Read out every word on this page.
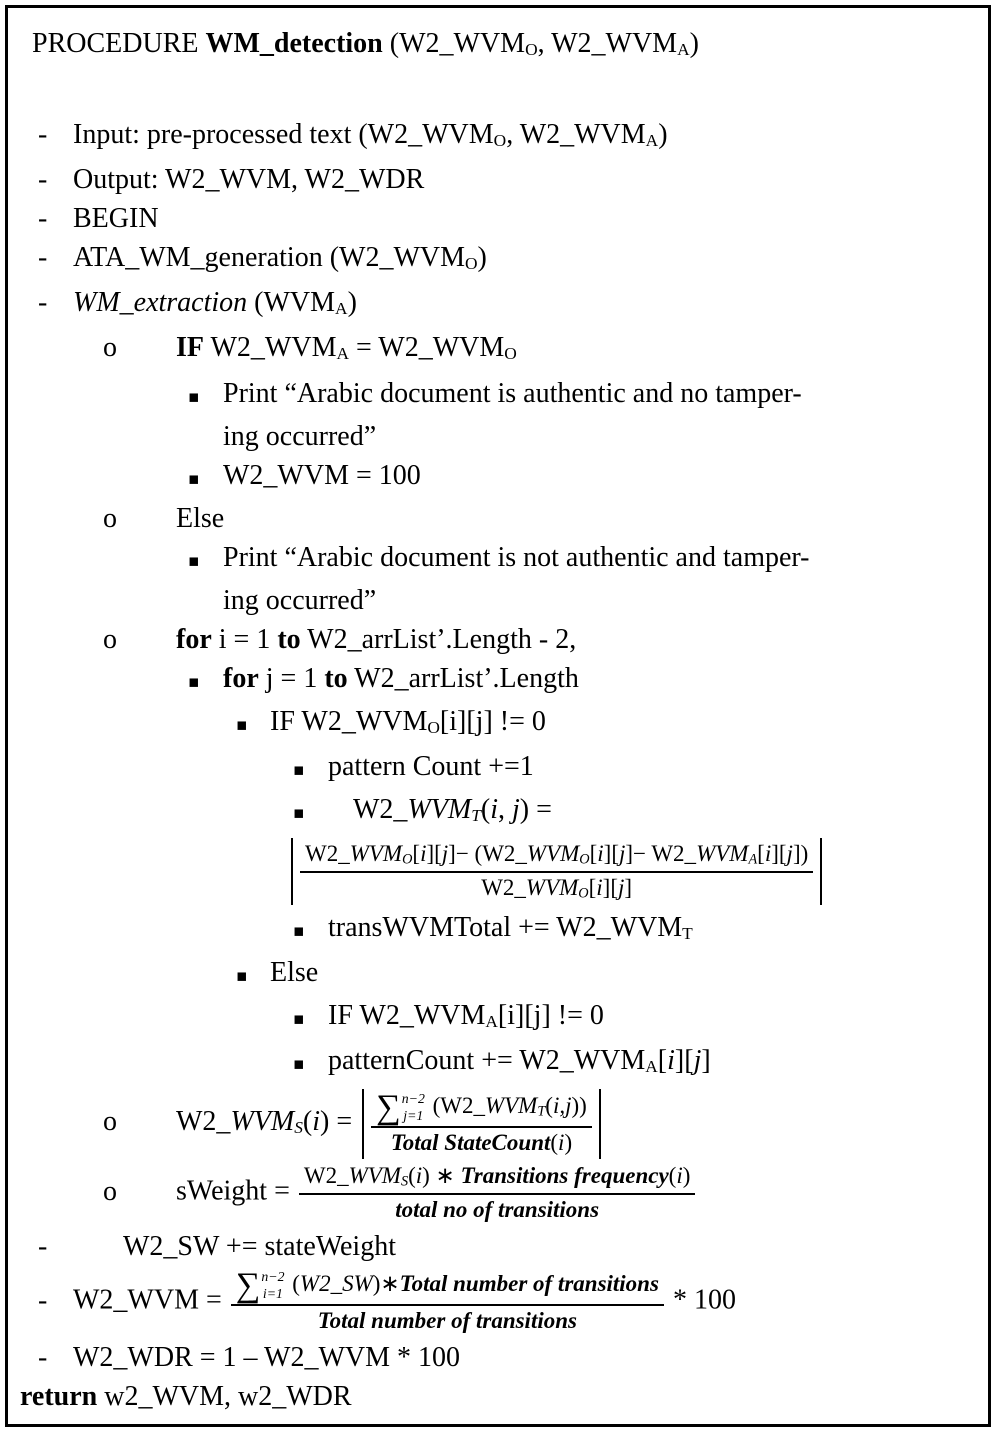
PROCEDURE WM_detection (W2_WVMO, W2_WVMA)
- Input: pre-processed text (W2_WVMO, W2_WVMA)
- Output: W2_WVM, W2_WDR
- BEGIN
- ATA_WM_generation (W2_WVMO)
- WM_extraction (WVMA)
o	IF W2_WVMA = W2_WVMO
▪ Print “Arabic document is authentic and no tamper-
ing occurred”
▪ W2_WVM = 100
o	Else
▪ Print “Arabic document is not authentic and tamper-
ing occurred”
o	for i = 1 to W2_arrList’.Length - 2,
▪ for j = 1 to W2_arrList’.Length
▪ IF W2_WVMO[i][j] != 0
▪ pattern Count +=1
▪	W2_WVMT(i, j) =
$\frac{\text{W2\_WVMO[i][j]− (W2\_WVMO[i][j]− W2\_WVMA[i][j])}}{\text{W2\_WVMO[i][j]}}$
▪ transWVMTotal += W2_WVMT
▪ Else
▪ IF W2_WVMA[i][j] != 0
▪ patternCount += W2_WVMA[i][j]
o	W2_WVMS(i) = ∑ n−2
j=1 (W2_WVMT(i,j))
Total StateCount(i)
o	sWeight = $\frac{\text{W2\_WVMS(i) ∗ Transitions frequency(i)}}{\text{total no of transitions}}$
-	W2_SW += stateWeight
- W2_WVM = ∑ n−2
i=1 (W2_SW)∗Total number of transitions
Total number of transitions
* 100
- W2_WDR = 1 – W2_WVM * 100
return w2_WVM, w2_WDR
